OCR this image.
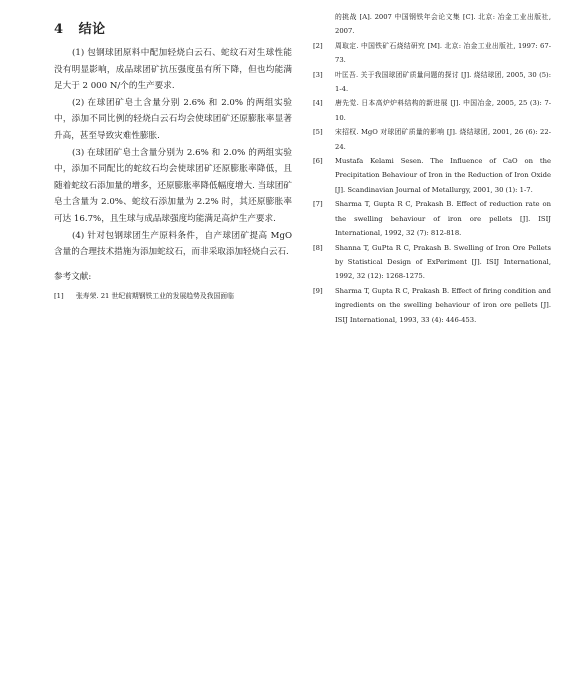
4 结论

(1) 包钢球团原料中配加轻烧白云石、蛇纹石对生球性能没有明显影响，成品球团矿抗压强度虽有所下降，但也均能满足大于 2 000 N/个的生产要求.

(2) 在球团矿皂土含量分别 2.6% 和 2.0% 的两组实验中，添加不同比例的轻烧白云石均会使球团矿还原膨胀率显著升高，甚至导致灾难性膨胀.

(3) 在球团矿皂土含量分别为 2.6% 和 2.0% 的两组实验中，添加不同配比的蛇纹石均会使球团矿还原膨胀率降低，且随着蛇纹石添加量的增多，还原膨胀率降低幅度增大. 当球团矿皂土含量为 2.0%、蛇纹石添加量为 2.2% 时，其还原膨胀率可达 16.7%，且生球与成品球强度均能满足高炉生产要求.

(4) 针对包钢球团生产原料条件，自产球团矿提高 MgO 含量的合理技术措施为添加蛇纹石，而非采取添加轻烧白云石.

参考文献:
[1]	张寿荣. 21 世纪前期钢铁工业的发展趋势及我国面临
的挑战 [A]. 2007 中国钢铁年会论文集 [C]. 北京: 冶金工业出版社, 2007.
[2]	周取定. 中国铁矿石烧结研究 [M]. 北京: 冶金工业出版社, 1997: 67-73.
[3]	叶匡吾. 关于我国球团矿质量问题的探讨 [J]. 烧结球团, 2005, 30 (5): 1-4.
[4]	唐先觉. 日本高炉炉料结构的新进展 [J]. 中国冶金, 2005, 25 (3): 7-10.
[5]	宋招权. MgO 对球团矿质量的影响 [J]. 烧结球团, 2001, 26 (6): 22-24.
[6]	Mustafa Kelami Sesen. The Influence of CaO on the Precipitation Behaviour of Iron in the Reduction of Iron Oxide [J]. Scandinavian Journal of Metallurgy, 2001, 30 (1): 1-7.
[7]	Sharma T, Gupta R C, Prakash B. Effect of reduction rate on the swelling behaviour of iron ore pellets [J]. ISIJ International, 1992, 32 (7): 812-818.
[8]	Shanna T, GuPta R C, Prakash B. Swelling of Iron Ore Pellets by Statistical Design of ExPeriment [J]. ISIJ International, 1992, 32 (12): 1268-1275.
[9]	Sharma T, Gupta R C, Prakash B. Effect of firing condition and ingredients on the swelling behaviour of iron ore pellets [J]. ISIJ International, 1993, 33 (4): 446-453.
